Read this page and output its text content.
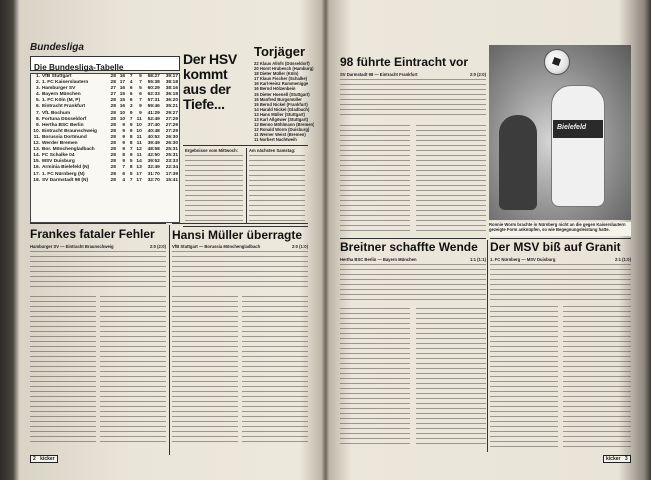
Bundesliga
Die Bundesliga-Tabelle
1.	VfB Stuttgart	28	16	7	5	58:27	39:17
2.	1. FC Kaiserslautern	28	17	4	7	55:38	38:18
3.	Hamburger SV	27	16	6	5	60:29	38:16
4.	Bayern München	27	15	6	6	62:33	36:18
5.	1. FC Köln (M, P)	28	15	6	7	57:31	36:20
6.	Eintracht Frankfurt	28	16	3	9	59:46	35:21
7.	VfL Bochum	28	10	9	9	41:29	29:27
8.	Fortuna Düsseldorf	28	10	7	11	52:49	27:29
9.	Hertha BSC Berlin	28	9	9	10	37:40	27:29
10.	Eintracht Braunschweig	28	9	9	10	40:48	27:29
11.	Borussia Dortmund	28	9	8	11	40:52	26:30
12.	Werder Bremen	28	9	8	11	39:49	26:30
13.	Bor. Mönchengladbach	28	9	7	12	48:58	25:31
14.	FC Schalke 04	28	8	9	11	42:50	25:31
15.	MSV Duisburg	28	9	5	14	39:52	23:33
16.	Arminia Bielefeld (N)	28	7	8	13	32:49	22:34
17.	1. FC Nürnberg (N)	28	6	5	17	31:70	17:39
18.	SV Darmstadt 98 (N)	28	4	7	17	32:70	15:41
Der HSV kommt aus der Tiefe...
Torjäger
22 Klaus Allofs (Düsseldorf)
20 Horst Hrubesch (Hamburg)
18 Dieter Müller (Köln)
17 Klaus Fischer (Schalke)
16 Karl-Heinz Rummenigge
16 Bernd Hölzenbein
15 Dieter Hoeneß (Stuttgart)
15 Manfred Burgsmüller
15 Bernd Nickel (Frankfurt)
14 Harald Nickel (Gladbach)
13 Hans Müller (Stuttgart)
13 Karl Allgöwer (Stuttgart)
12 Benno Möhlmann (Bremen)
12 Ronald Worm (Duisburg)
11 Werner Weist (Bremen)
11 Norbert Nachtweih
Ergebnisse vom Mittwoch:	Am nächsten Samstag:
Frankes fataler Fehler
Hamburger SV — Eintracht Braunschweig	2:0 (2:0)
Hansi Müller überragte
VfB Stuttgart — Borussia Mönchengladbach	2:0 (1:0)
2 kicker
98 führte Eintracht vor
SV Darmstadt 98 — Eintracht Frankfurt	2:0 (2:0)
Bielefeld
Ronnie Worm brachte in Nürnberg nicht an die gegen Kaiserslautern gezeigte Form anknüpfen, so wie Begegnungsleistung hatte.
Breitner schaffte Wende
Hertha BSC Berlin — Bayern München	1:1 (1:1)
Der MSV biß auf Granit
1. FC Nürnberg — MSV Duisburg	2:1 (1:0)
kicker 3
